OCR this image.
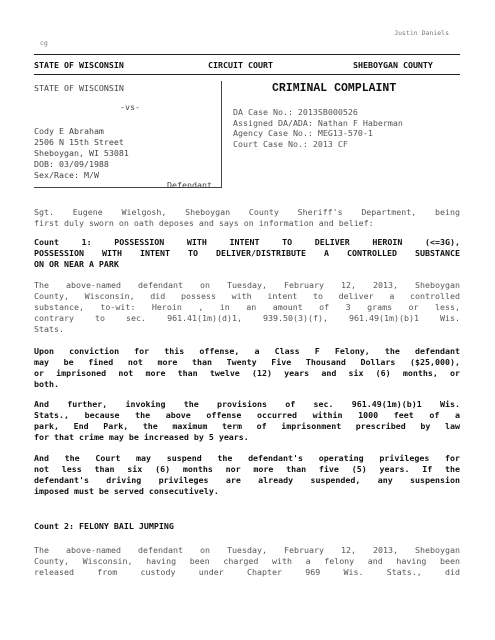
Justin Daniels
cg
STATE OF WISCONSIN	CIRCUIT COURT	SHEBOYGAN COUNTY
STATE OF WISCONSIN
-vs-
Cody E Abraham
2506 N 15th Street
Sheboygan, WI 53081
DOB: 03/09/1988
Sex/Race: M/W
Defendant.
CRIMINAL COMPLAINT
DA Case No.: 2013SB000526
Assigned DA/ADA: Nathan F Haberman
Agency Case No.: MEG13-570-1
Court Case No.: 2013 CF
Sgt. Eugene Wielgosh, Sheboygan County Sheriff's Department, being
first duly sworn on oath deposes and says on information and belief:
Count 1: POSSESSION WITH INTENT TO DELIVER HEROIN (<=3G),
POSSESSION WITH INTENT TO DELIVER/DISTRIBUTE A CONTROLLED SUBSTANCE
ON OR NEAR A PARK
The above-named defendant on Tuesday, February 12, 2013, Sheboygan
County, Wisconsin, did possess with intent to deliver a controlled
substance, to-wit: Heroin , in an amount of 3 grams or less,
contrary to sec. 961.41(1m)(d)1, 939.50(3)(f), 961.49(1m)(b)1 Wis.
Stats.
Upon conviction for this offense, a Class F Felony, the defendant
may be fined not more than Twenty Five Thousand Dollars ($25,000),
or imprisoned not more than twelve (12) years and six (6) months, or
both.
And further, invoking the provisions of sec. 961.49(1m)(b)1 Wis.
Stats., because the above offense occurred within 1000 feet of a
park, End Park, the maximum term of imprisonment prescribed by law
for that crime may be increased by 5 years.
And the Court may suspend the defendant's operating privileges for
not less than six (6) months nor more than five (5) years. If the
defendant's driving privileges are already suspended, any suspension
imposed must be served consecutively.
Count 2: FELONY BAIL JUMPING
The above-named defendant on Tuesday, February 12, 2013, Sheboygan
County, Wisconsin, having been charged with a felony and having been
released from custody under Chapter 969 Wis. Stats., did
